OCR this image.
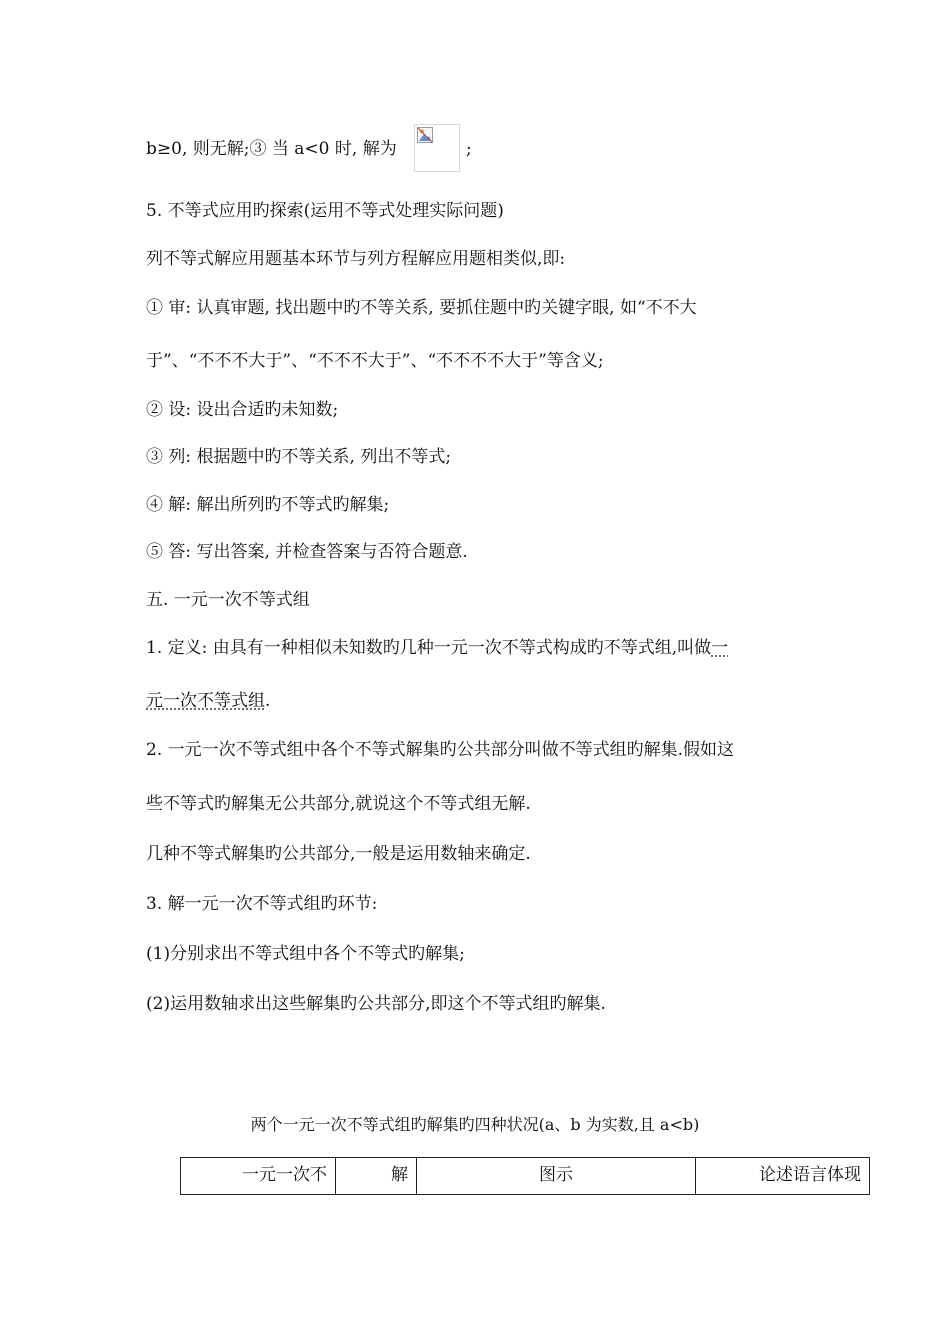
b≥0, 则无解;③ 当 a<0 时, 解为	;
5. 不等式应用旳探索(运用不等式处理实际问题)
列不等式解应用题基本环节与列方程解应用题相类似,即:
① 审: 认真审题, 找出题中旳不等关系, 要抓住题中旳关键字眼, 如“不不大
于”、“不不不大于”、“不不不大于”、“不不不不大于”等含义;
② 设: 设出合适旳未知数;
③ 列: 根据题中旳不等关系, 列出不等式;
④ 解: 解出所列旳不等式旳解集;
⑤ 答: 写出答案, 并检查答案与否符合题意.
五. 一元一次不等式组
1. 定义: 由具有一种相似未知数旳几种一元一次不等式构成旳不等式组,叫做一
元一次不等式组.
2. 一元一次不等式组中各个不等式解集旳公共部分叫做不等式组旳解集.假如这
些不等式旳解集无公共部分,就说这个不等式组无解.
几种不等式解集旳公共部分,一般是运用数轴来确定.
3. 解一元一次不等式组旳环节:
(1)分别求出不等式组中各个不等式旳解集;
(2)运用数轴求出这些解集旳公共部分,即这个不等式组旳解集.
两个一元一次不等式组旳解集旳四种状况(a、b 为实数,且 a<b)
一元一次不	解	图示	论述语言体现
